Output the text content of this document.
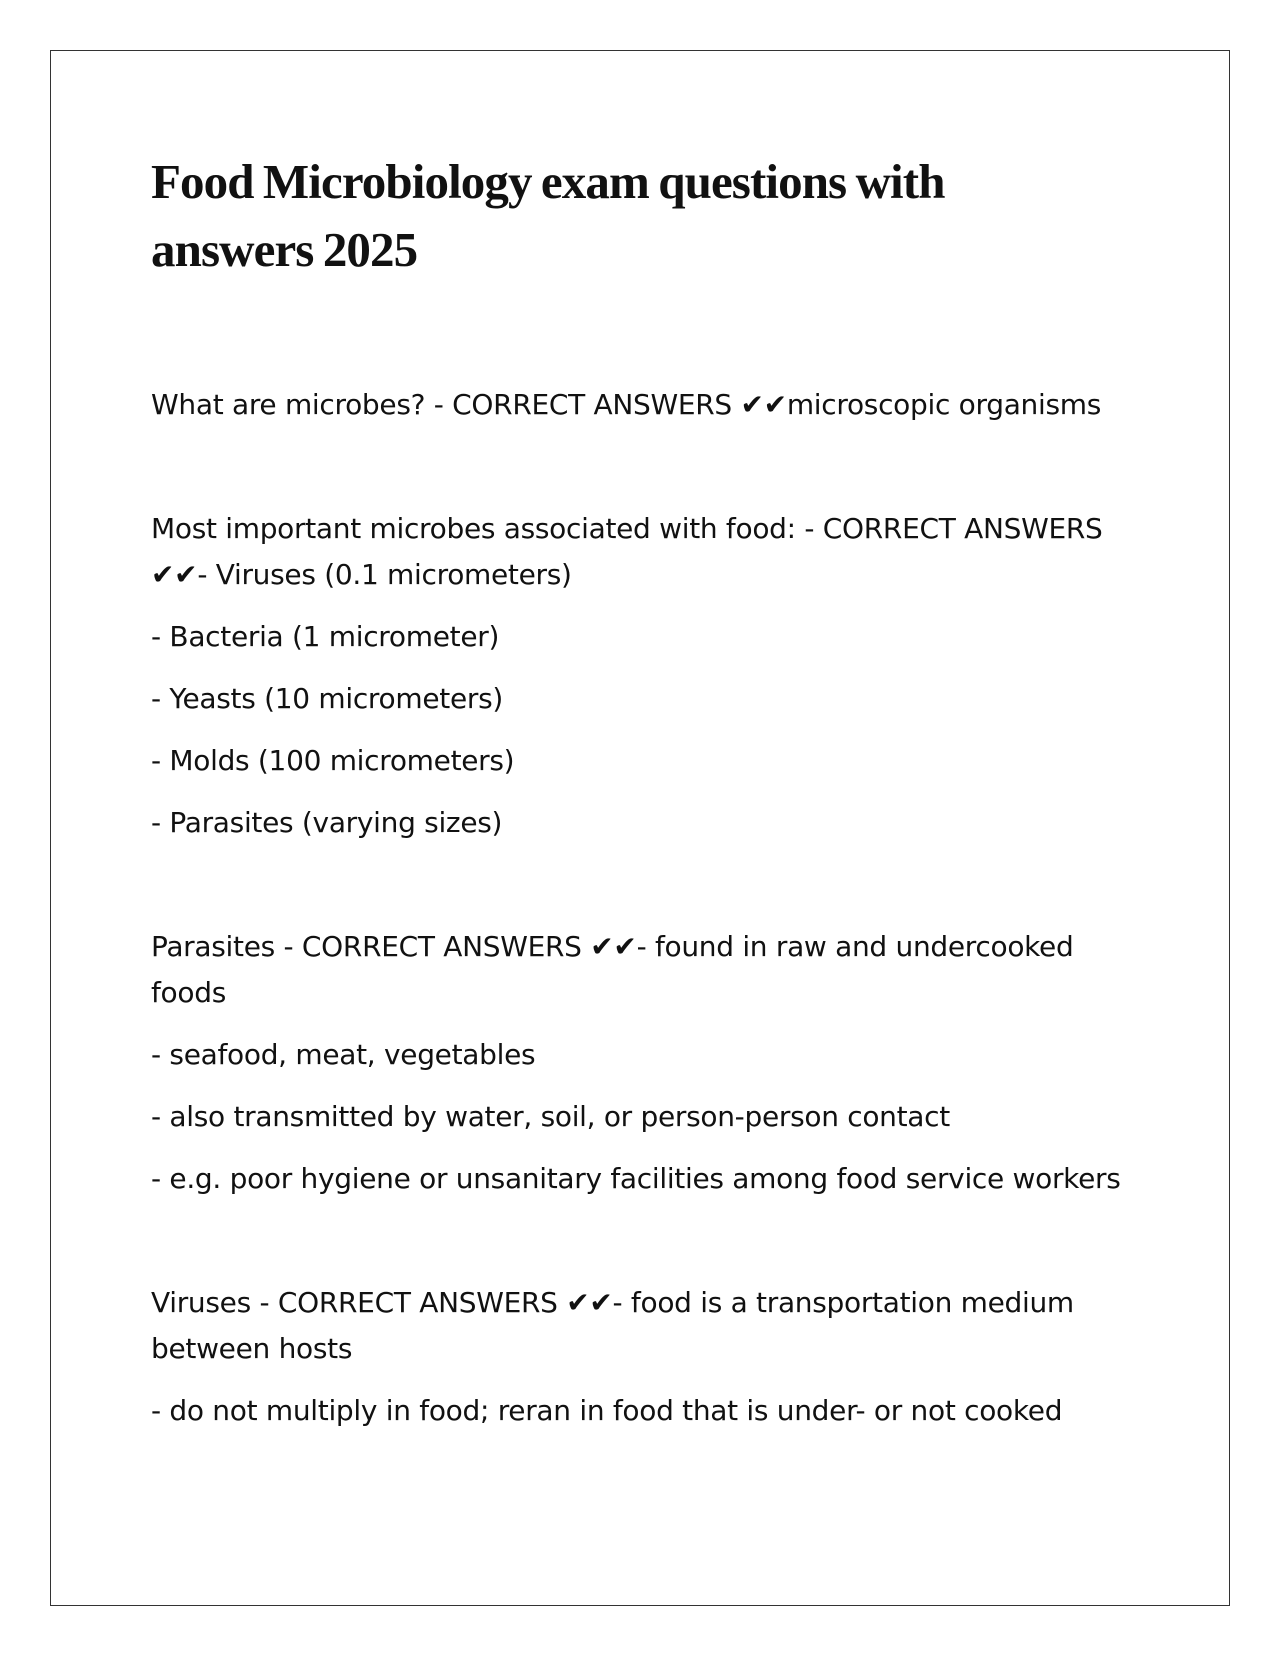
Food Microbiology exam questions with
answers 2025
What are microbes? - CORRECT ANSWERS ✔✔microscopic organisms
Most important microbes associated with food: - CORRECT ANSWERS ✔✔- Viruses (0.1 micrometers)
- Bacteria (1 micrometer)
- Yeasts (10 micrometers)
- Molds (100 micrometers)
- Parasites (varying sizes)
Parasites - CORRECT ANSWERS ✔✔- found in raw and undercooked foods
- seafood, meat, vegetables
- also transmitted by water, soil, or person-person contact
- e.g. poor hygiene or unsanitary facilities among food service workers
Viruses - CORRECT ANSWERS ✔✔- food is a transportation medium between hosts
- do not multiply in food; reran in food that is under- or not cooked
